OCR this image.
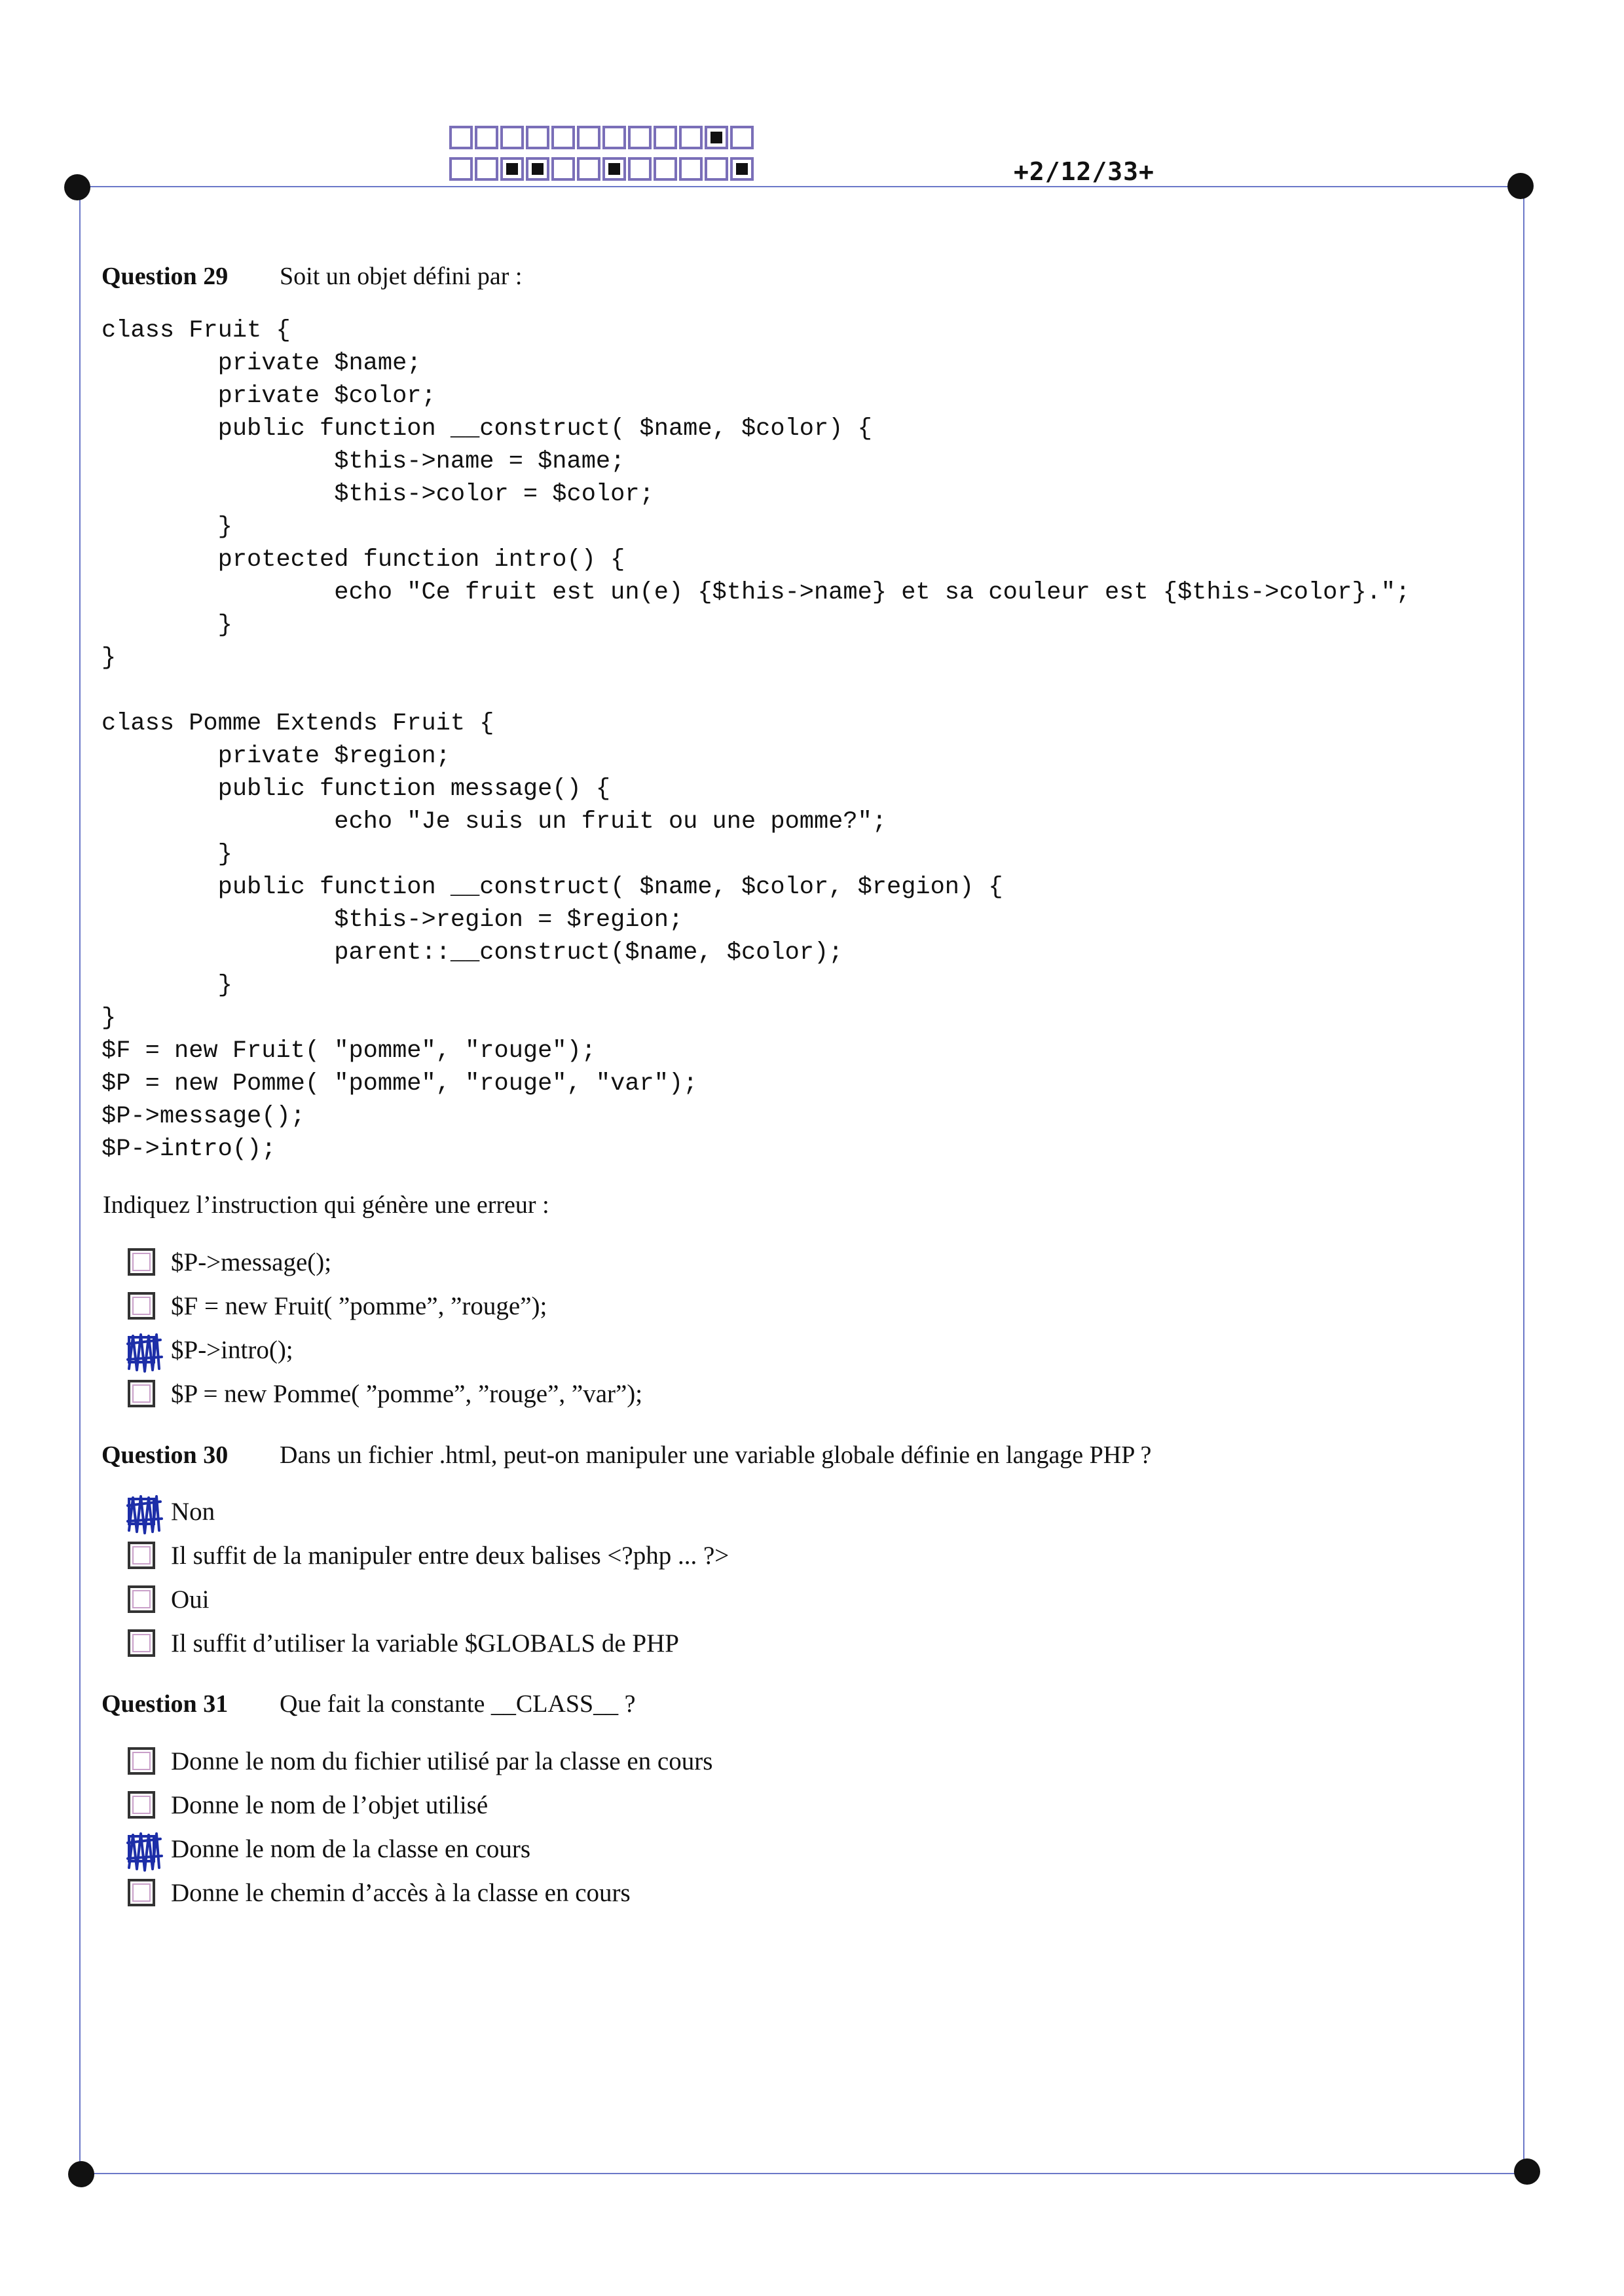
+2/12/33+
Question 29 Soit un objet défini par :
class Fruit {
private $name;
private $color;
public function __construct( $name, $color) {
$this->name = $name;
$this->color = $color;
}
protected function intro() {
echo "Ce fruit est un(e) {$this->name} et sa couleur est {$this->color}.";
}
}

class Pomme Extends Fruit {
private $region;
public function message() {
echo "Je suis un fruit ou une pomme?";
}
public function __construct( $name, $color, $region) {
$this->region = $region;
parent::__construct($name, $color);
}
}
$F = new Fruit( "pomme", "rouge");
$P = new Pomme( "pomme", "rouge", "var");
$P->message();
$P->intro();
Indiquez l’instruction qui génère une erreur :
$P->message();
$F = new Fruit( ”pomme”, ”rouge”);
$P->intro();
$P = new Pomme( ”pomme”, ”rouge”, ”var”);
Question 30 Dans un fichier .html, peut-on manipuler une variable globale définie en langage PHP ?
Non
Il suffit de la manipuler entre deux balises <?php ... ?>
Oui
Il suffit d’utiliser la variable $GLOBALS de PHP
Question 31 Que fait la constante __CLASS__ ?
Donne le nom du fichier utilisé par la classe en cours
Donne le nom de l’objet utilisé
Donne le nom de la classe en cours
Donne le chemin d’accès à la classe en cours
